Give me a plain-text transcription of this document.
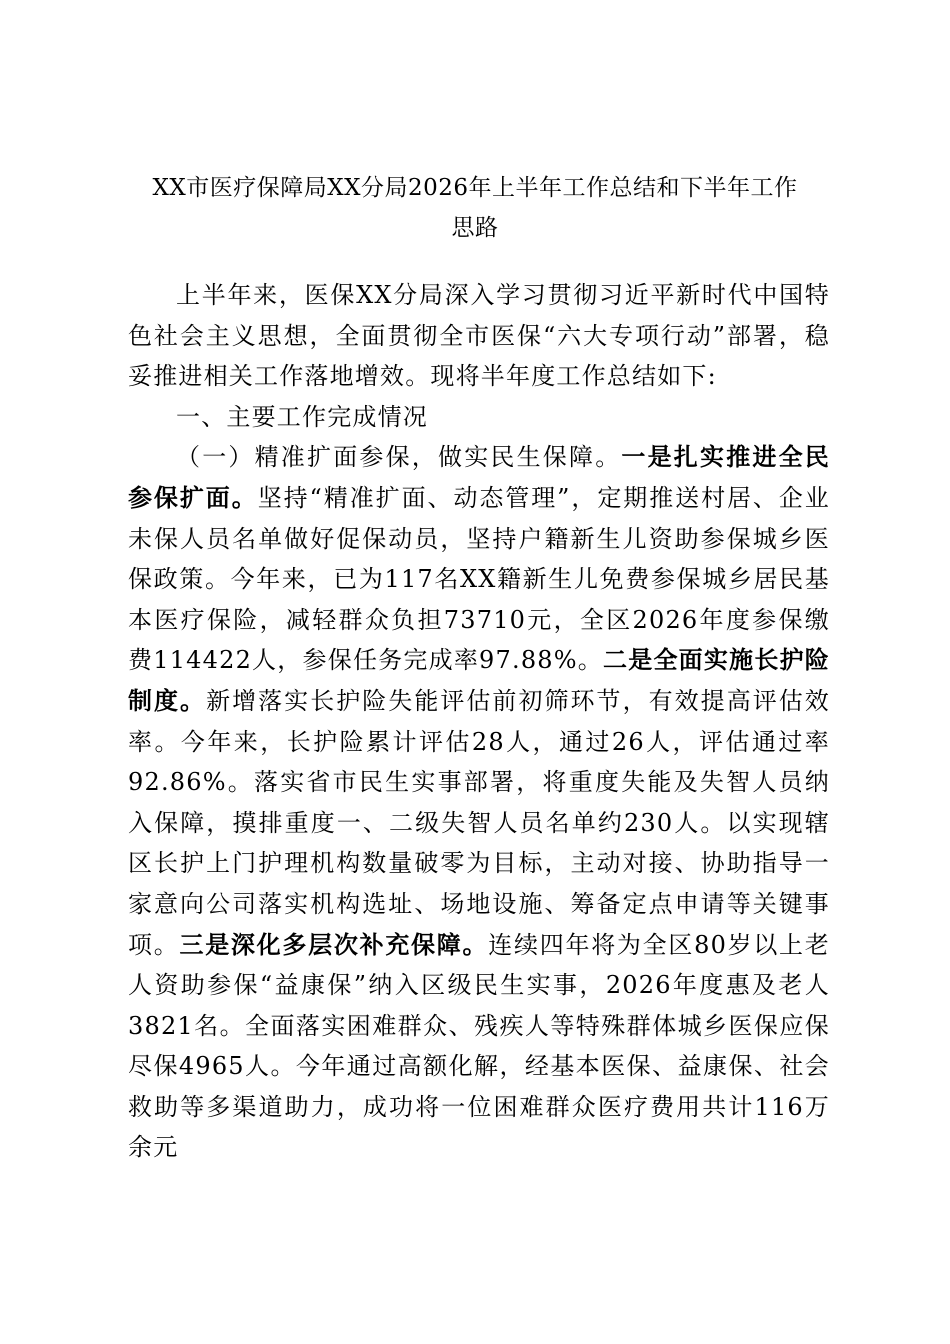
XX市医疗保障局XX分局2026年上半年工作总结和下半年工作
思路

上半年来，医保XX分局深入学习贯彻习近平新时代中国特色社会主义思想，全面贯彻全市医保“六大专项行动”部署，稳妥推进相关工作落地增效。现将半年度工作总结如下:

一、主要工作完成情况

（一）精准扩面参保，做实民生保障。一是扎实推进全民参保扩面。坚持“精准扩面、动态管理”，定期推送村居、企业未保人员名单做好促保动员，坚持户籍新生儿资助参保城乡医保政策。今年来，已为117名XX籍新生儿免费参保城乡居民基本医疗保险，减轻群众负担73710元，全区2026年度参保缴费114422人，参保任务完成率97.88%。二是全面实施长护险制度。新增落实长护险失能评估前初筛环节，有效提高评估效率。今年来，长护险累计评估28人，通过26人，评估通过率92.86%。落实省市民生实事部署，将重度失能及失智人员纳入保障，摸排重度一、二级失智人员名单约230人。以实现辖区长护上门护理机构数量破零为目标，主动对接、协助指导一家意向公司落实机构选址、场地设施、筹备定点申请等关键事项。三是深化多层次补充保障。连续四年将为全区80岁以上老人资助参保“益康保”纳入区级民生实事，2026年度惠及老人3821名。全面落实困难群众、残疾人等特殊群体城乡医保应保尽保4965人。今年通过高额化解，经基本医保、益康保、社会救助等多渠道助力，成功将一位困难群众医疗费用共计116万余元
